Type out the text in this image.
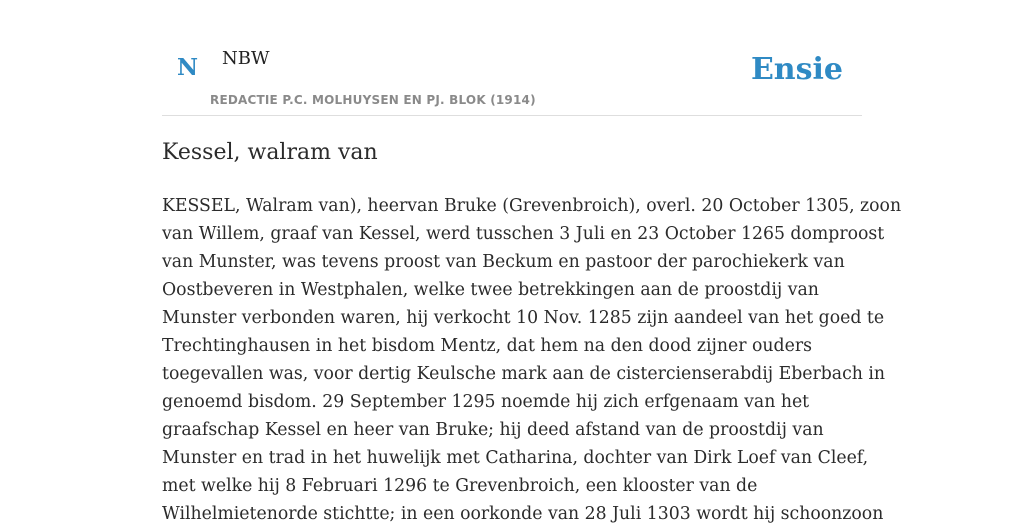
N NBW
REDACTIE P.C. MOLHUYSEN EN PJ. BLOK (1914)
Ensie
Kessel, walram van
KESSEL, Walram van), heervan Bruke (Grevenbroich), overl. 20 October 1305, zoon
van Willem, graaf van Kessel, werd tusschen 3 Juli en 23 October 1265 domproost
van Munster, was tevens proost van Beckum en pastoor der parochiekerk van
Oostbeveren in Westphalen, welke twee betrekkingen aan de proostdij van
Munster verbonden waren, hij verkocht 10 Nov. 1285 zijn aandeel van het goed te
Trechtinghausen in het bisdom Mentz, dat hem na den dood zijner ouders
toegevallen was, voor dertig Keulsche mark aan de cistercienserabdij Eberbach in
genoemd bisdom. 29 September 1295 noemde hij zich erfgenaam van het
graafschap Kessel en heer van Bruke; hij deed afstand van de proostdij van
Munster en trad in het huwelijk met Catharina, dochter van Dirk Loef van Cleef,
met welke hij 8 Februari 1296 te Grevenbroich, een klooster van de
Wilhelmietenorde stichtte; in een oorkonde van 28 Juli 1303 wordt hij schoonzoon
